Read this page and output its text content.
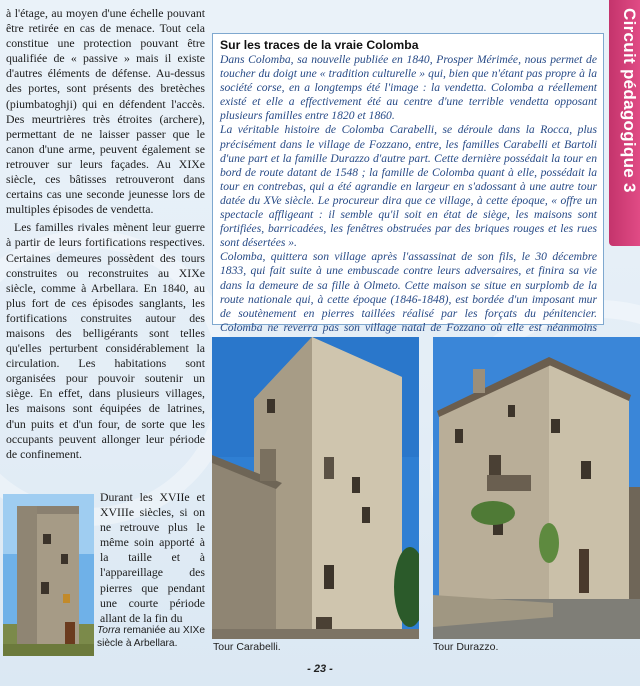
à l'étage, au moyen d'une échelle pouvant être retirée en cas de menace. Tout cela constitue une protection pouvant être qualifiée de « passive » mais il existe d'autres éléments de défense. Au-dessus des portes, sont présents des bretèches (piumbatoghji) qui en défendent l'accès. Des meurtrières très étroites (archere), permettant de ne laisser passer que le canon d'une arme, peuvent également se retrouver sur leurs façades. Au XIXe siècle, ces bâtisses retrouveront dans certains cas une seconde jeunesse lors de multiples épisodes de vendetta.

Les familles rivales mènent leur guerre à partir de leurs fortifications respectives. Certaines demeures possèdent des tours construites ou reconstruites au XIXe siècle, comme à Arbellara. En 1840, au plus fort de ces épisodes sanglants, les fortifications construites autour des maisons des belligérants sont telles qu'elles perturbent considérablement la circulation. Les habitations sont organisées pour pouvoir soutenir un siège. En effet, dans plusieurs villages, les maisons sont équipées de latrines, d'un puits et d'un four, de sorte que les occupants peuvent allonger leur période de confinement.

Durant les XVIIe et XVIIIe siècles, si on ne retrouve plus le même soin apporté à la taille et à l'appareillage des pierres que pendant une courte période allant de la fin du
Torra remaniée au XIXe siècle à Arbellara.
Sur les traces de la vraie Colomba
Dans Colomba, sa nouvelle publiée en 1840, Prosper Mérimée, nous permet de toucher du doigt une « tradition culturelle » qui, bien que n'étant pas propre à la société corse, en a longtemps été l'image : la vendetta. Colomba a réellement existé et elle a effectivement été au centre d'une terrible vendetta opposant plusieurs familles entre 1820 et 1860.
La véritable histoire de Colomba Carabelli, se déroule dans la Rocca, plus précisément dans le village de Fozzano, entre, les familles Carabelli et Bartoli d'une part et la famille Durazzo d'autre part. Cette dernière possédait la tour en bord de route datant de 1548 ; la famille de Colomba quant à elle, possédait la tour en contrebas, qui a été agrandie en largeur en s'adossant à une autre tour datée du XVe siècle. Le procureur dira que ce village, à cette époque, « offre un spectacle affligeant : il semble qu'il soit en état de siège, les maisons sont fortifiées, barricadées, les fenêtres obstruées par des briques rouges et les rues sont désertées ».
Colomba, quittera son village après l'assassinat de son fils, le 30 décembre 1833, qui fait suite à une embuscade contre leurs adversaires, et finira sa vie dans la demeure de sa fille à Olmeto. Cette maison se situe en surplomb de la route nationale qui, à cette époque (1846-1848), est bordée d'un imposant mur de soutènement en pierres taillées réalisé par les forçats du pénitencier. Colomba ne reverra pas son village natal de Fozzano où elle est néanmoins
Tour Carabelli.	Tour Durazzo.
Circuit pédagogique 3
- 23 -
